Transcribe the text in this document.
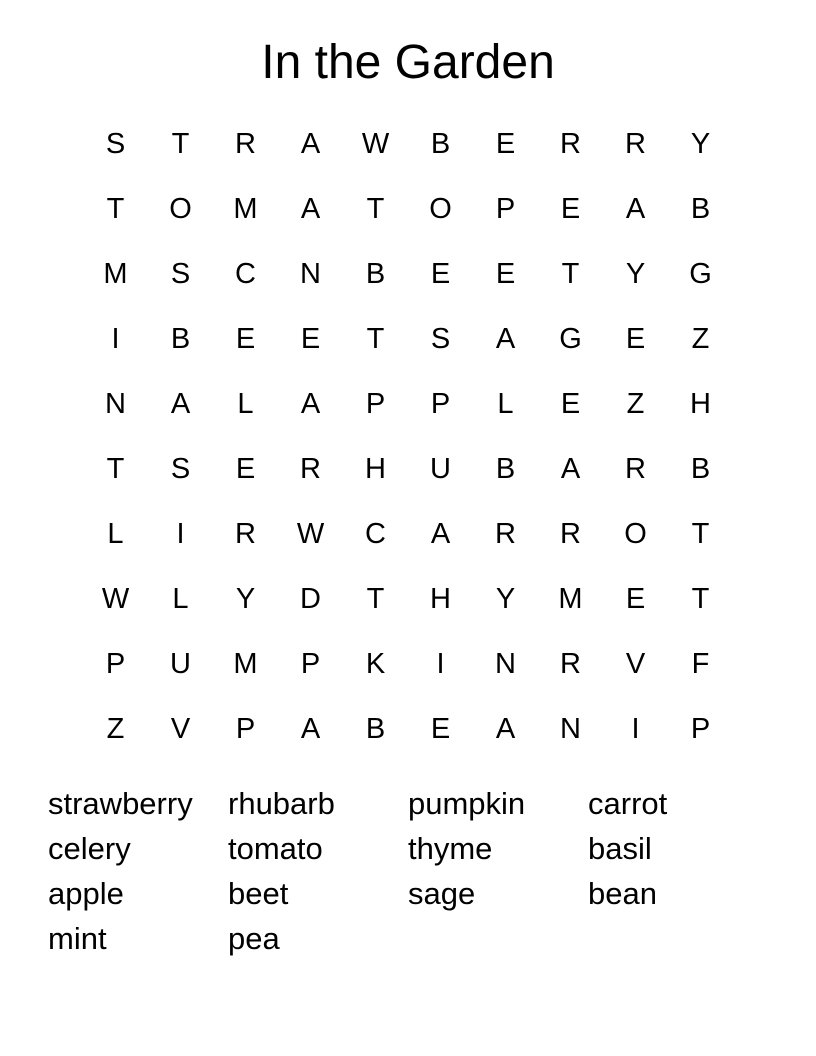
In the Garden
S	T	R	A	W	B	E	R	R	Y
T	O	M	A	T	O	P	E	A	B
M	S	C	N	B	E	E	T	Y	G
I	B	E	E	T	S	A	G	E	Z
N	A	L	A	P	P	L	E	Z	H
T	S	E	R	H	U	B	A	R	B
L	I	R	W	C	A	R	R	O	T
W	L	Y	D	T	H	Y	M	E	T
P	U	M	P	K	I	N	R	V	F
Z	V	P	A	B	E	A	N	I	P
strawberry	rhubarb	pumpkin	carrot
celery	tomato	thyme	basil
apple	beet	sage	bean
mint	pea
